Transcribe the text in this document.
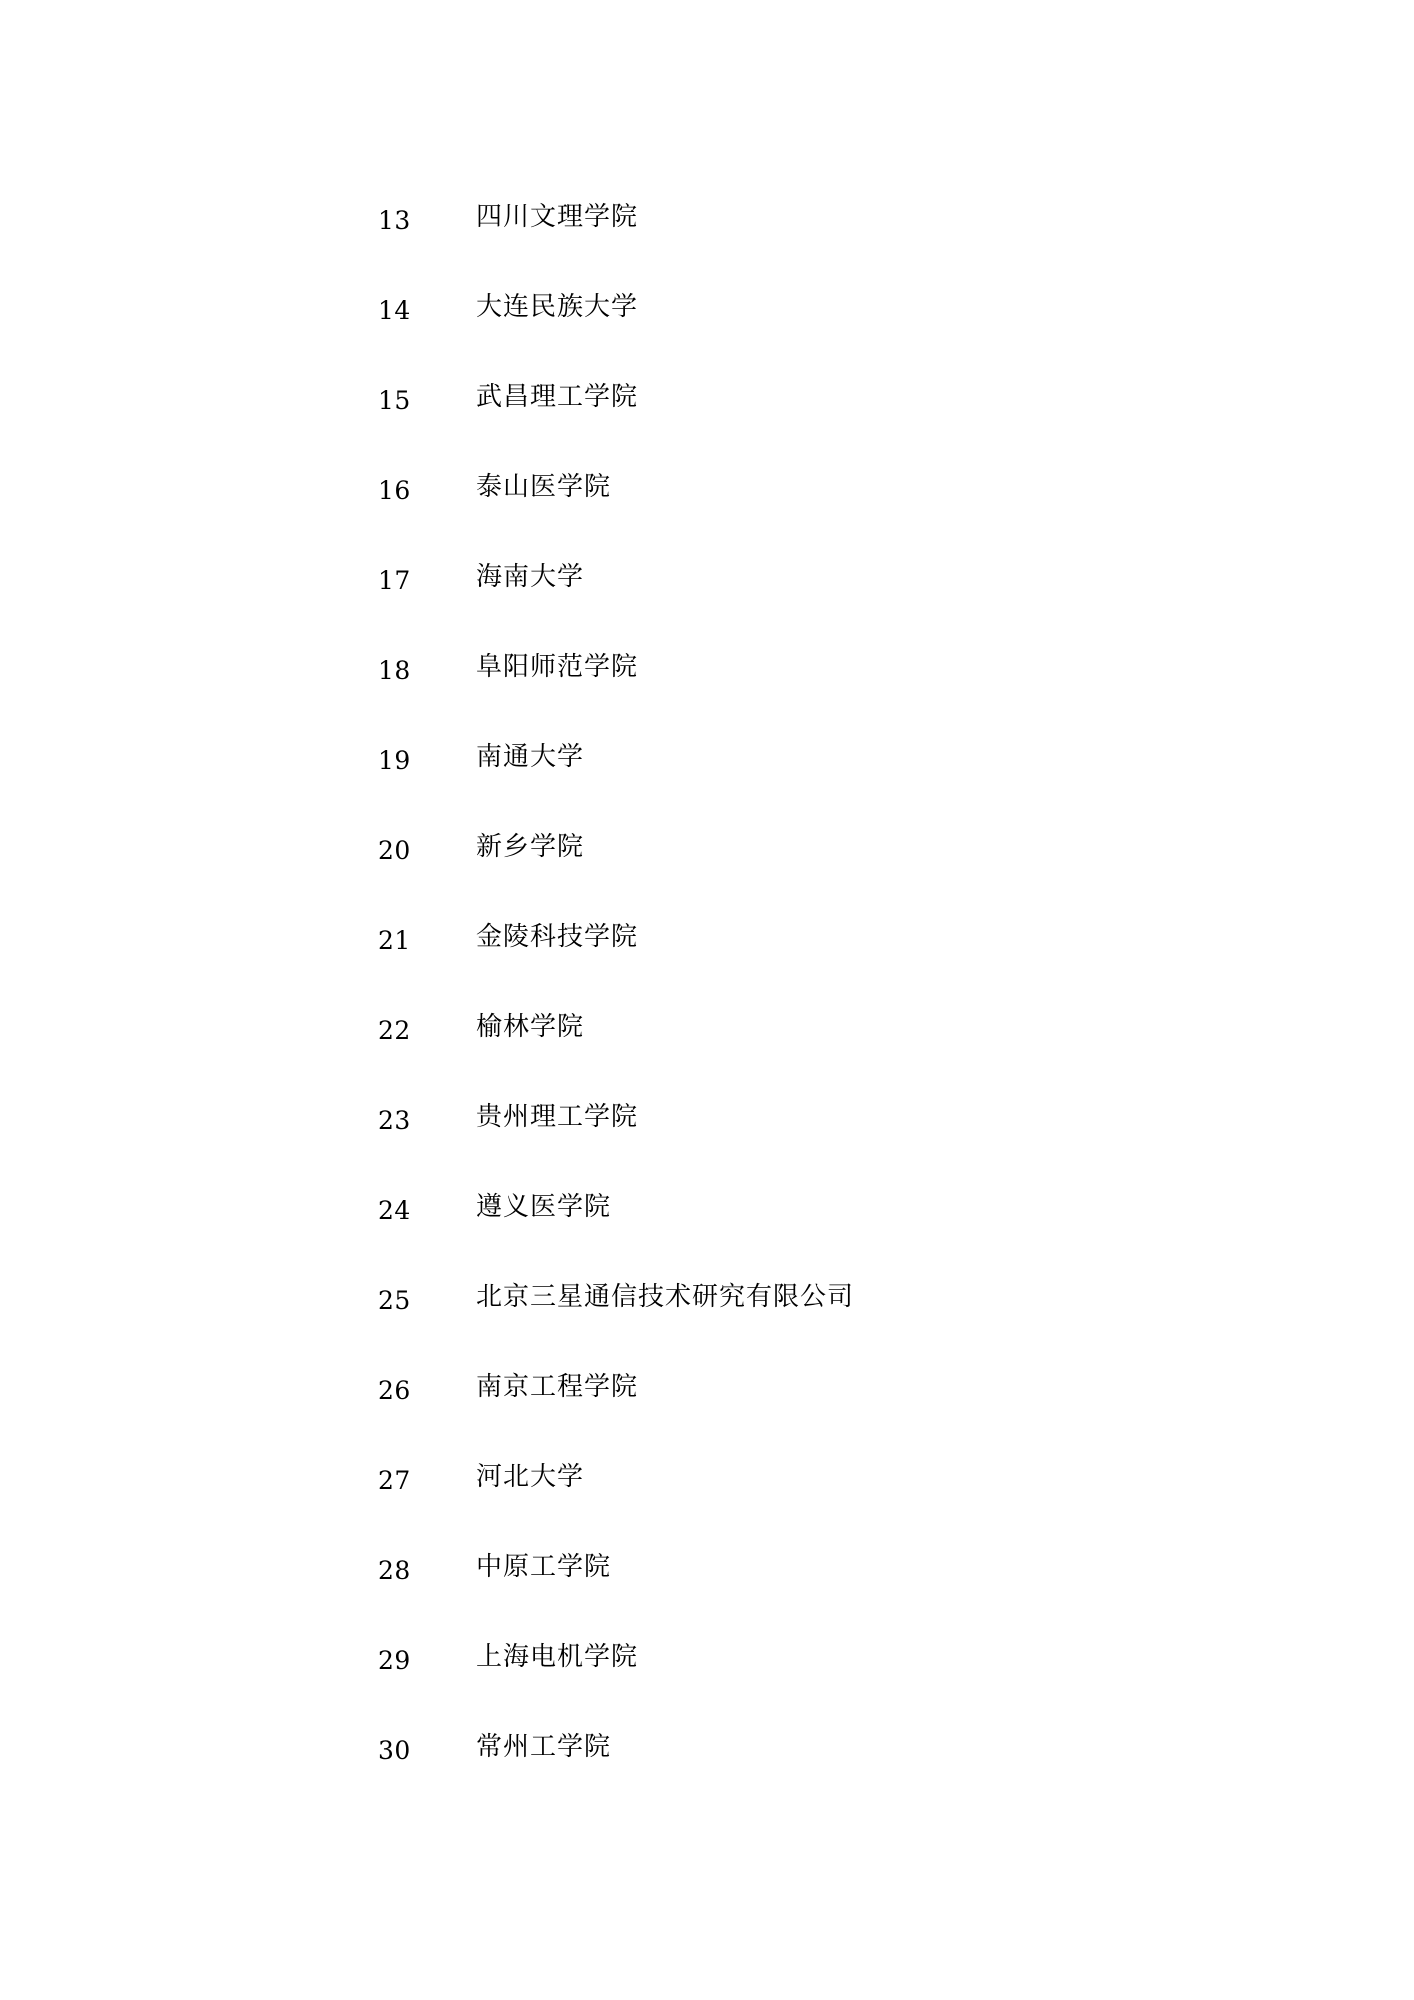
13	四川文理学院
14	大连民族大学
15	武昌理工学院
16	泰山医学院
17	海南大学
18	阜阳师范学院
19	南通大学
20	新乡学院
21	金陵科技学院
22	榆林学院
23	贵州理工学院
24	遵义医学院
25	北京三星通信技术研究有限公司
26	南京工程学院
27	河北大学
28	中原工学院
29	上海电机学院
30	常州工学院
